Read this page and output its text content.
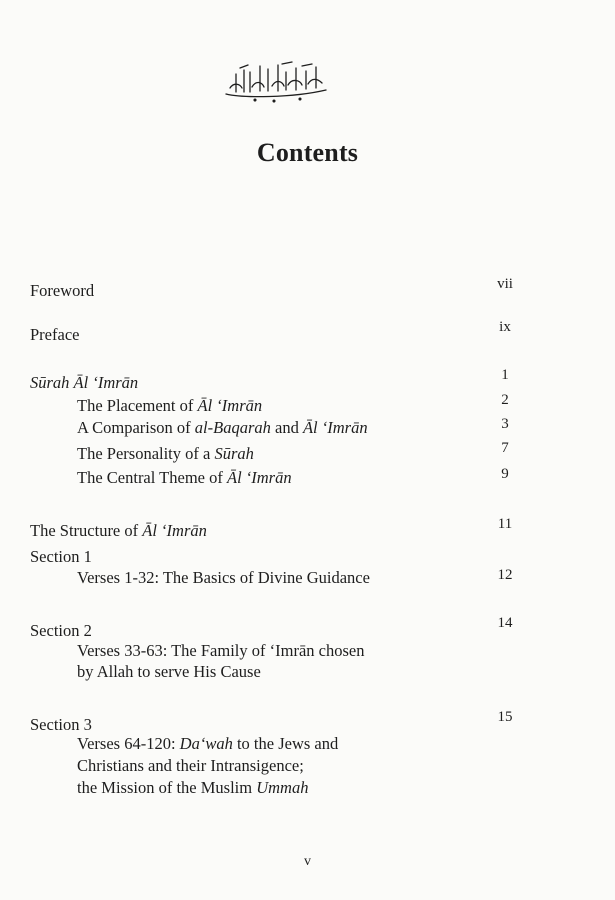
Contents
Foreword	vii
Preface	ix
Sūrah Āl ‘Imrān	1
The Placement of Āl ‘Imrān	2
A Comparison of al-Baqarah and Āl ‘Imrān	3
The Personality of a Sūrah	7
The Central Theme of Āl ‘Imrān	9
The Structure of Āl ‘Imrān	11
Section 1
Verses 1-32: The Basics of Divine Guidance	12
Section 2	14
Verses 33-63: The Family of ‘Imrān chosen
by Allah to serve His Cause
Section 3	15
Verses 64-120: Da‘wah to the Jews and
Christians and their Intransigence;
the Mission of the Muslim Ummah
v
